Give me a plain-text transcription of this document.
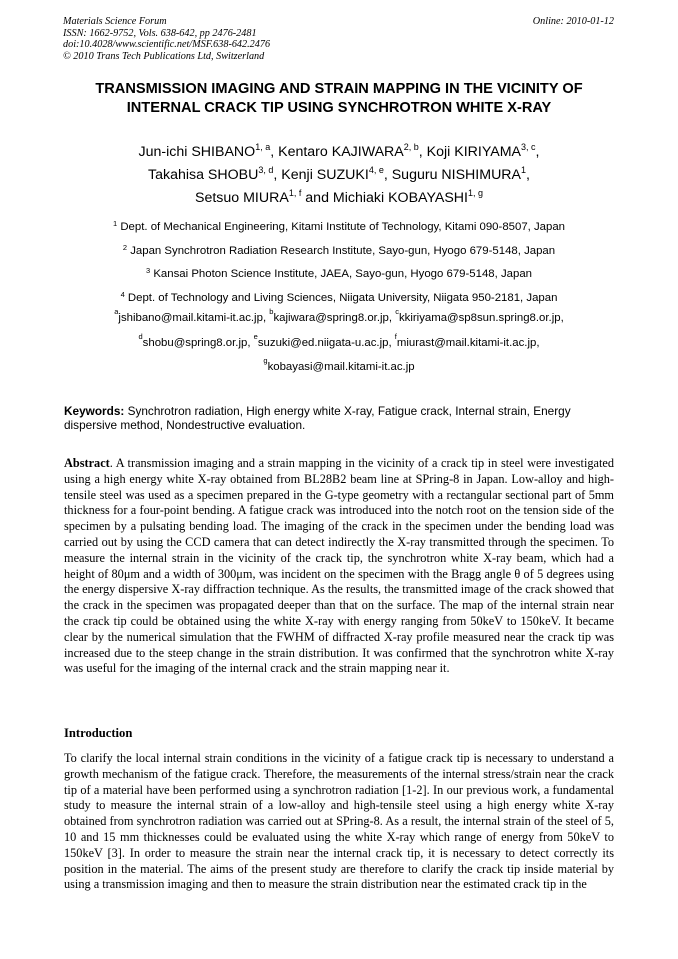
Materials Science Forum
ISSN: 1662-9752, Vols. 638-642, pp 2476-2481
doi:10.4028/www.scientific.net/MSF.638-642.2476
© 2010 Trans Tech Publications Ltd, Switzerland
Online: 2010-01-12
TRANSMISSION IMAGING AND STRAIN MAPPING IN THE VICINITY OF
INTERNAL CRACK TIP USING SYNCHROTRON WHITE X-RAY
Jun-ichi SHIBANO$^{1, a}$, Kentaro KAJIWARA$^{2, b}$, Koji KIRIYAMA$^{3, c}$,
Takahisa SHOBU$^{3, d}$, Kenji SUZUKI$^{4, e}$, Suguru NISHIMURA$^1$,
Setsuo MIURA$^{1, f}$ and Michiaki KOBAYASHI$^{1, g}$
$^1$ Dept. of Mechanical Engineering, Kitami Institute of Technology, Kitami 090-8507, Japan
$^2$ Japan Synchrotron Radiation Research Institute, Sayo-gun, Hyogo 679-5148, Japan
$^3$ Kansai Photon Science Institute, JAEA, Sayo-gun, Hyogo 679-5148, Japan
$^4$ Dept. of Technology and Living Sciences, Niigata University, Niigata 950-2181, Japan
$^a$jshibano@mail.kitami-it.ac.jp, $^b$kajiwara@spring8.or.jp, $^c$kkiriyama@sp8sun.spring8.or.jp,
$^d$shobu@spring8.or.jp, $^e$suzuki@ed.niigata-u.ac.jp, $^f$miurast@mail.kitami-it.ac.jp,
$^g$kobayasi@mail.kitami-it.ac.jp
Keywords: Synchrotron radiation, High energy white X-ray, Fatigue crack, Internal strain, Energy dispersive method, Nondestructive evaluation.
Abstract. A transmission imaging and a strain mapping in the vicinity of a crack tip in steel were investigated using a high energy white X-ray obtained from BL28B2 beam line at SPring-8 in Japan. Low-alloy and high-tensile steel was used as a specimen prepared in the G-type geometry with a rectangular sectional part of 5mm thickness for a four-point bending. A fatigue crack was introduced into the notch root on the tension side of the specimen by a pulsating bending load. The imaging of the crack in the specimen under the bending load was carried out by using the CCD camera that can detect indirectly the X-ray transmitted through the specimen. To measure the internal strain in the vicinity of the crack tip, the synchrotron white X-ray beam, which had a height of 80μm and a width of 300μm, was incident on the specimen with the Bragg angle θ of 5 degrees using the energy dispersive X-ray diffraction technique. As the results, the transmitted image of the crack showed that the crack in the specimen was propagated deeper than that on the surface. The map of the internal strain near the crack tip could be obtained using the white X-ray with energy ranging from 50keV to 150keV. It became clear by the numerical simulation that the FWHM of diffracted X-ray profile measured near the crack tip was increased due to the steep change in the strain distribution. It was confirmed that the synchrotron white X-ray was useful for the imaging of the internal crack and the strain mapping near it.
Introduction
To clarify the local internal strain conditions in the vicinity of a fatigue crack tip is necessary to understand a growth mechanism of the fatigue crack. Therefore, the measurements of the internal stress/strain near the crack tip of a material have been performed using a synchrotron radiation [1-2]. In our previous work, a fundamental study to measure the internal strain of a low-alloy and high-tensile steel using a high energy white X-ray obtained from synchrotron radiation was carried out at SPring-8. As a result, the internal strain of the steel of 5, 10 and 15 mm thicknesses could be evaluated using the white X-ray which range of energy from 50keV to 150keV [3]. In order to measure the strain near the internal crack tip, it is necessary to detect correctly its position in the material. The aims of the present study are therefore to clarify the crack tip inside material by using a transmission imaging and then to measure the strain distribution near the estimated crack tip in the
